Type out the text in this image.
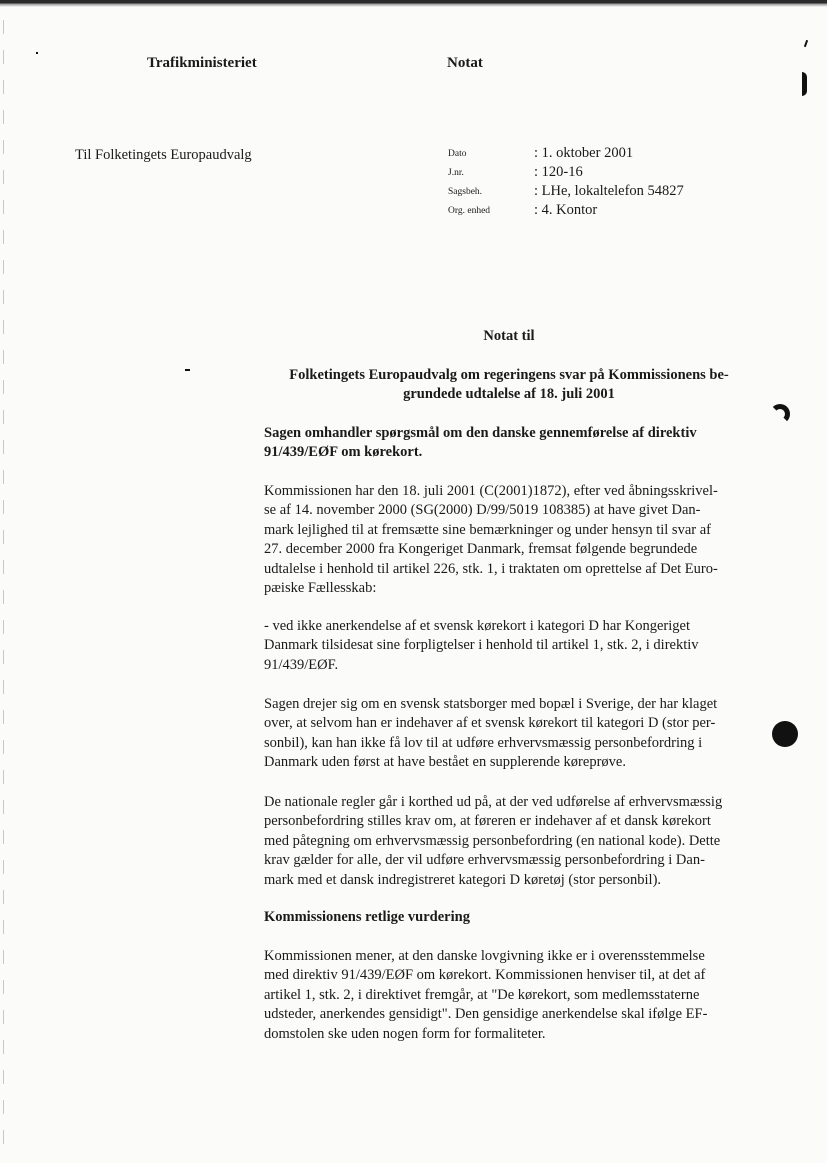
Trafikministeriet	Notat
Til Folketingets Europaudvalg	Dato	: 1. oktober 2001
J.nr.	: 120-16
Sagsbeh.	: LHe, lokaltelefon 54827
Org. enhed	: 4. Kontor
Notat til
Folketingets Europaudvalg om regeringens svar på Kommissionens be-
grundede udtalelse af 18. juli 2001

Sagen omhandler spørgsmål om den danske gennemførelse af direktiv

91/439/EØF om kørekort.

Kommissionen har den 18. juli 2001 (C(2001)1872), efter ved åbningsskrivel-

se af 14. november 2000 (SG(2000) D/99/5019 108385) at have givet Dan-

mark lejlighed til at fremsætte sine bemærkninger og under hensyn til svar af

27. december 2000 fra Kongeriget Danmark, fremsat følgende begrundede

udtalelse i henhold til artikel 226, stk. 1, i traktaten om oprettelse af Det Euro-

pæiske Fællesskab:

- ved ikke anerkendelse af et svensk kørekort i kategori D har Kongeriget

Danmark tilsidesat sine forpligtelser i henhold til artikel 1, stk. 2, i direktiv

91/439/EØF.

Sagen drejer sig om en svensk statsborger med bopæl i Sverige, der har klaget

over, at selvom han er indehaver af et svensk kørekort til kategori D (stor per-

sonbil), kan han ikke få lov til at udføre erhvervsmæssig personbefordring i

Danmark uden først at have bestået en supplerende køreprøve.

De nationale regler går i korthed ud på, at der ved udførelse af erhvervsmæssig

personbefordring stilles krav om, at føreren er indehaver af et dansk kørekort

med påtegning om erhvervsmæssig personbefordring (en national kode). Dette

krav gælder for alle, der vil udføre erhvervsmæssig personbefordring i Dan-

mark med et dansk indregistreret kategori D køretøj (stor personbil).

Kommissionens retlige vurdering

Kommissionen mener, at den danske lovgivning ikke er i overensstemmelse

med direktiv 91/439/EØF om kørekort. Kommissionen henviser til, at det af

artikel 1, stk. 2, i direktivet fremgår, at "De kørekort, som medlemsstaterne

udsteder, anerkendes gensidigt". Den gensidige anerkendelse skal ifølge EF-

domstolen ske uden nogen form for formaliteter.
